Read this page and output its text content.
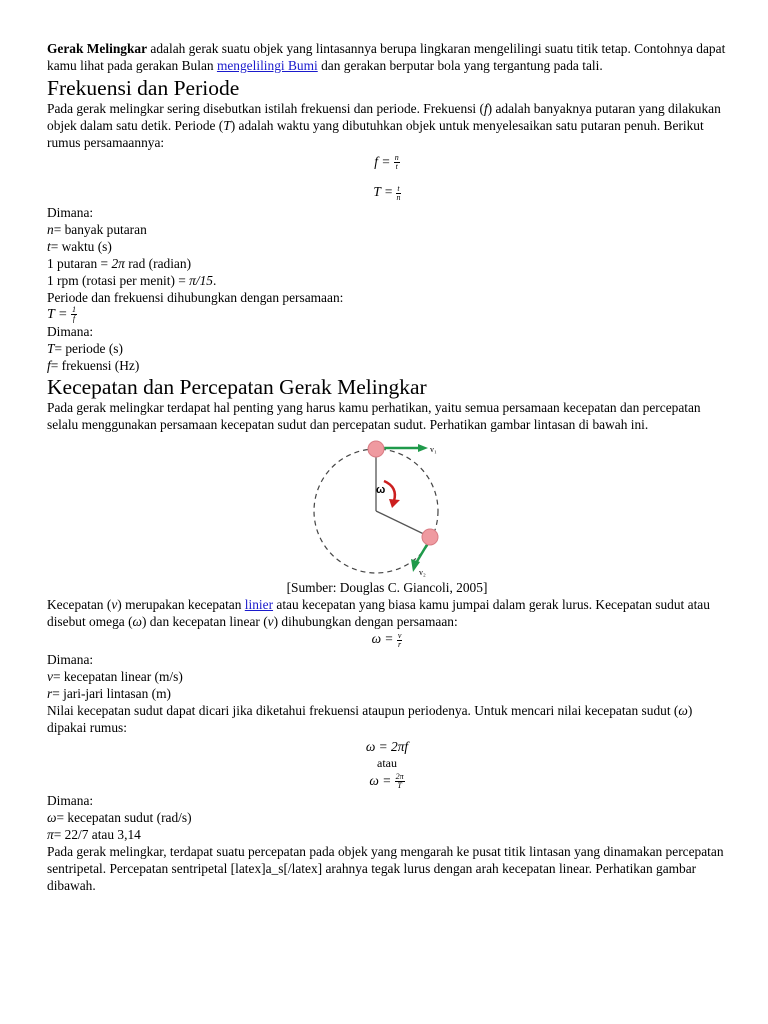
Gerak Melingkar adalah gerak suatu objek yang lintasannya berupa lingkaran mengelilingi suatu titik tetap. Contohnya dapat kamu lihat pada gerakan Bulan mengelilingi Bumi dan gerakan berputar bola yang tergantung pada tali.

Frekuensi dan Periode

Pada gerak melingkar sering disebutkan istilah frekuensi dan periode. Frekuensi (f) adalah banyaknya putaran yang dilakukan objek dalam satu detik. Periode (T) adalah waktu yang dibutuhkan objek untuk menyelesaikan satu putaran penuh. Berikut rumus persamaannya:

$f = \frac{n}{t}$
$T = \frac{t}{n}$

Dimana:

n= banyak putaran

t= waktu (s)

1 putaran = 2π rad (radian)

1 rpm (rotasi per menit) = π/15.

Periode dan frekuensi dihubungkan dengan persamaan:

$T = \frac{1}{f}$

Dimana:

T= periode (s)

f= frekuensi (Hz)

Kecepatan dan Percepatan Gerak Melingkar

Pada gerak melingkar terdapat hal penting yang harus kamu perhatikan, yaitu semua persamaan kecepatan dan percepatan selalu menggunakan persamaan kecepatan sudut dan percepatan sudut. Perhatikan gambar lintasan di bawah ini.

ω
v₁
v₂

[Sumber: Douglas C. Giancoli, 2005]

Kecepatan (v) merupakan kecepatan linier atau kecepatan yang biasa kamu jumpai dalam gerak lurus. Kecepatan sudut atau disebut omega (ω) dan kecepatan linear (v) dihubungkan dengan persamaan:

$\omega = \frac{v}{r}$

Dimana:

v= kecepatan linear (m/s)

r= jari-jari lintasan (m)

Nilai kecepatan sudut dapat dicari jika diketahui frekuensi ataupun periodenya. Untuk mencari nilai kecepatan sudut (ω) dipakai rumus:

ω = 2πf

atau

$\omega = \frac{2\pi}{T}$

Dimana:

ω= kecepatan sudut (rad/s)

π= 22/7 atau 3,14

Pada gerak melingkar, terdapat suatu percepatan pada objek yang mengarah ke pusat titik lintasan yang dinamakan percepatan sentripetal. Percepatan sentripetal [latex]a_s[/latex] arahnya tegak lurus dengan arah kecepatan linear. Perhatikan gambar dibawah.
